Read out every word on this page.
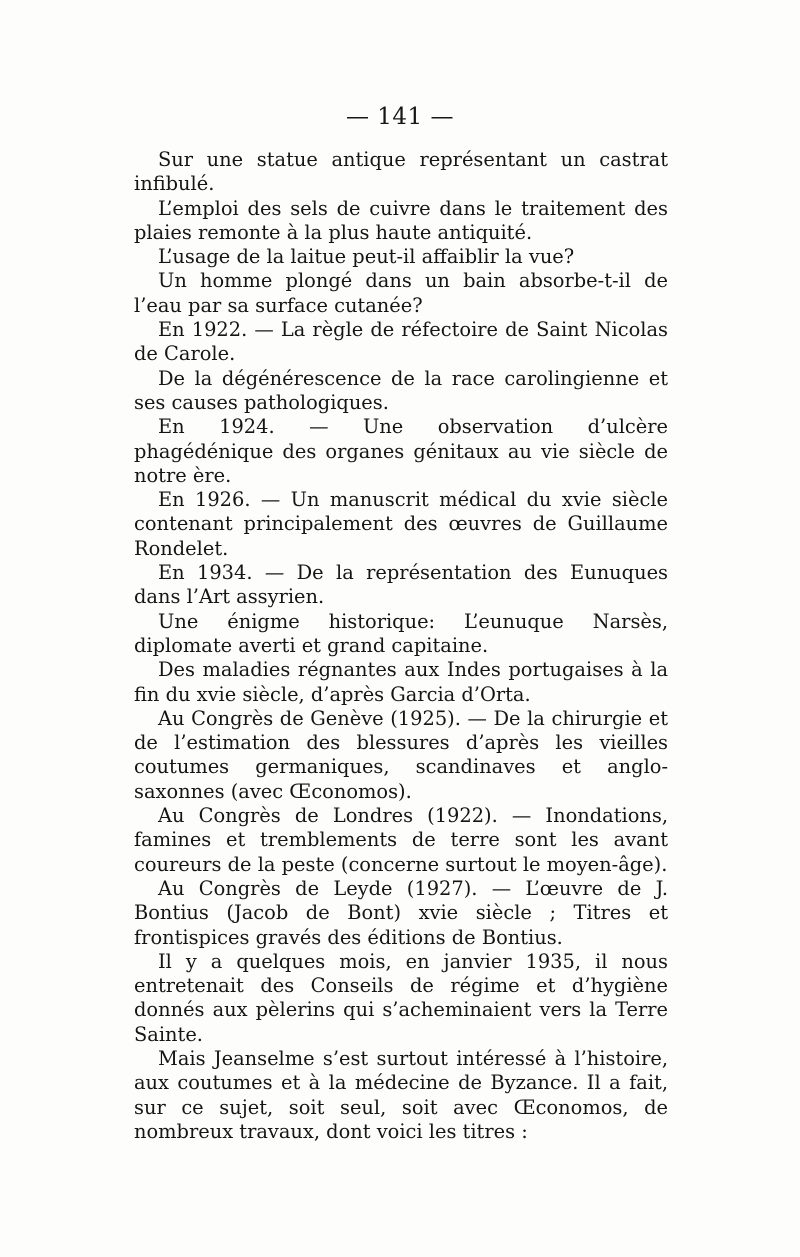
— 141 —

Sur une statue antique représentant un castrat infibulé.

L’emploi des sels de cuivre dans le traitement des plaies remonte à la plus haute antiquité.

L’usage de la laitue peut-il affaiblir la vue?

Un homme plongé dans un bain absorbe-t-il de l’eau par sa surface cutanée?

En 1922. — La règle de réfectoire de Saint Nicolas de Carole.

De la dégénérescence de la race carolingienne et ses causes pathologiques.

En 1924. — Une observation d’ulcère phagédénique des organes génitaux au vie siècle de notre ère.

En 1926. — Un manuscrit médical du xvie siècle contenant principalement des œuvres de Guillaume Rondelet.

En 1934. — De la représentation des Eunuques dans l’Art assyrien.

Une énigme historique: L’eunuque Narsès, diplomate averti et grand capitaine.

Des maladies régnantes aux Indes portugaises à la fin du xvie siècle, d’après Garcia d’Orta.

Au Congrès de Genève (1925). — De la chirurgie et de l’estimation des blessures d’après les vieilles coutumes germaniques, scandinaves et anglo-saxonnes (avec Œconomos).

Au Congrès de Londres (1922). — Inondations, famines et tremblements de terre sont les avant coureurs de la peste (concerne surtout le moyen-âge).

Au Congrès de Leyde (1927). — L’œuvre de J. Bontius (Jacob de Bont) xvie siècle ; Titres et frontispices gravés des éditions de Bontius.

Il y a quelques mois, en janvier 1935, il nous entretenait des Conseils de régime et d’hygiène donnés aux pèlerins qui s’acheminaient vers la Terre Sainte.

Mais Jeanselme s’est surtout intéressé à l’histoire, aux coutumes et à la médecine de Byzance. Il a fait, sur ce sujet, soit seul, soit avec Œconomos, de nombreux travaux, dont voici les titres :
